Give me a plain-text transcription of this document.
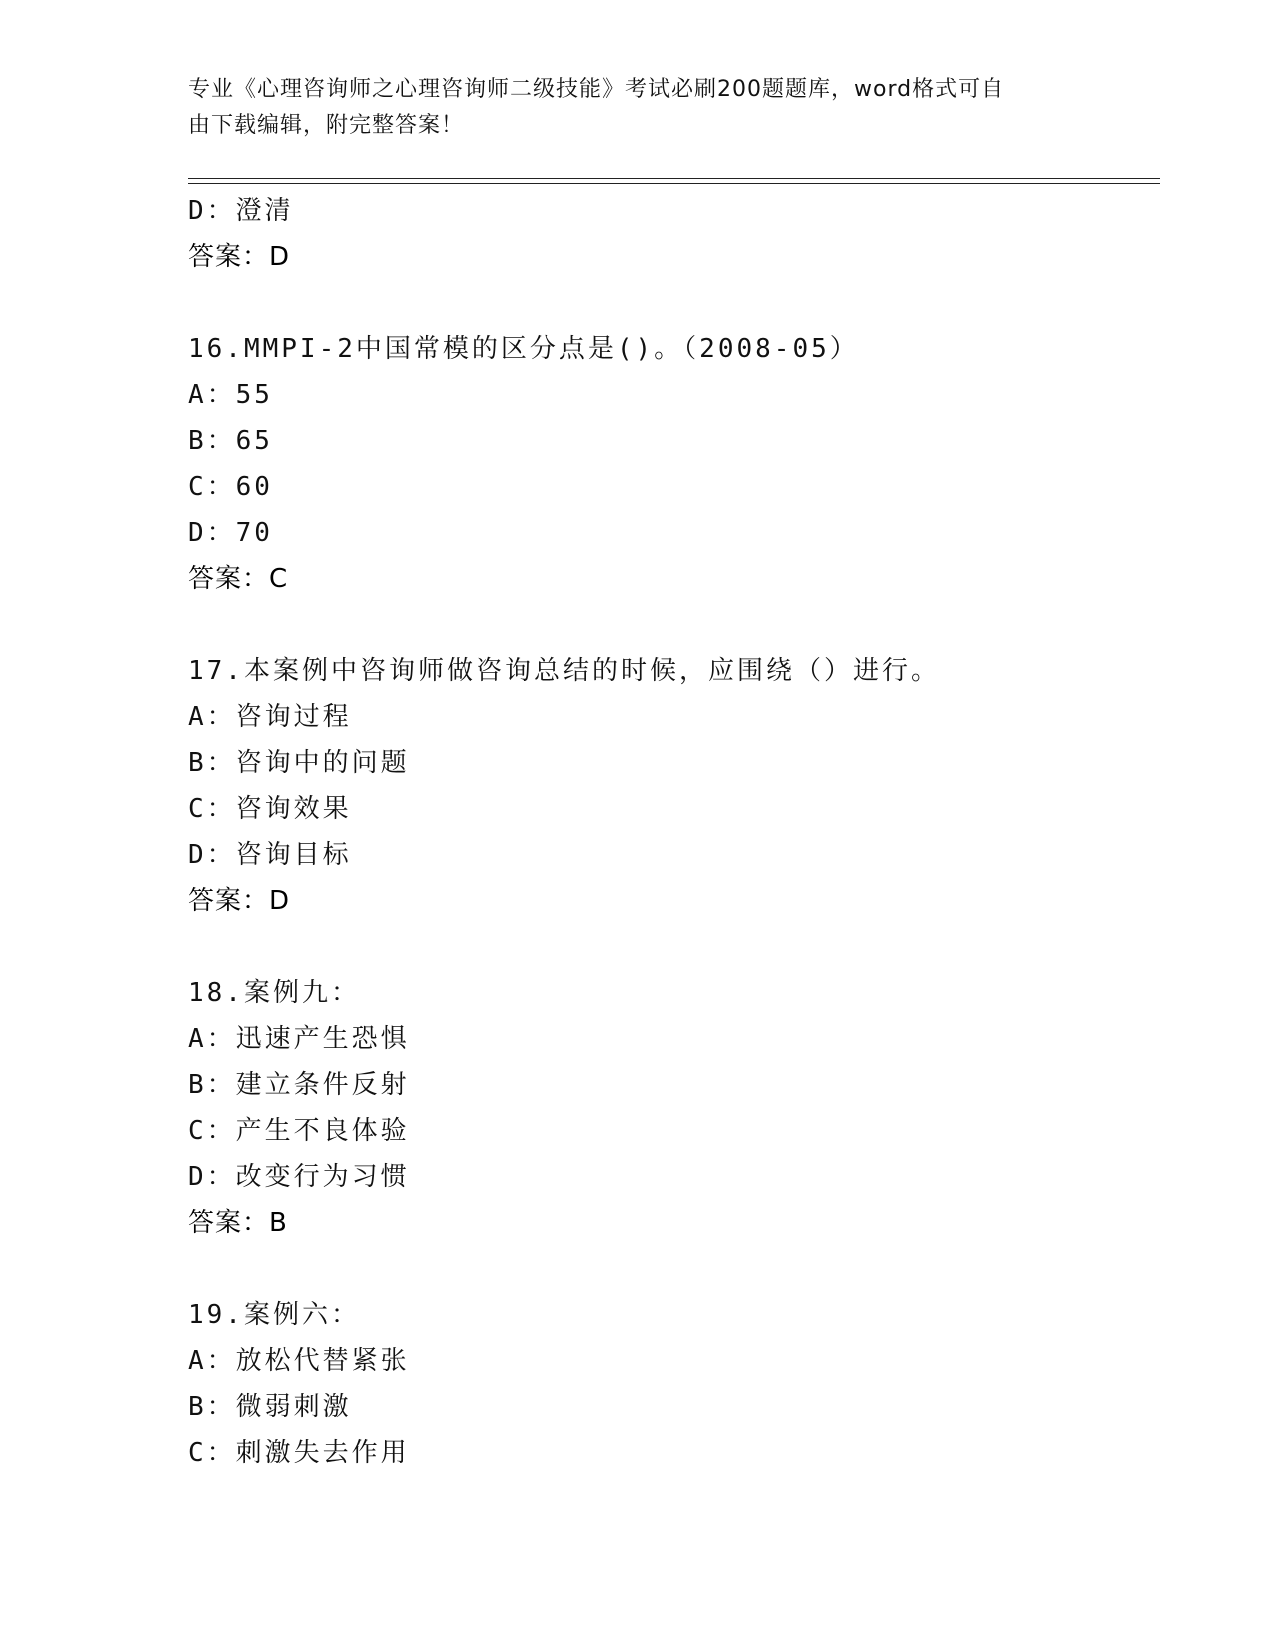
专业《心理咨询师之心理咨询师二级技能》考试必刷200题题库，word格式可自
由下载编辑，附完整答案！
D：澄清
答案：D
16.MMPI-2中国常模的区分点是()。（2008-05）
A：55
B：65
C：60
D：70
答案：C
17.本案例中咨询师做咨询总结的时候，应围绕（）进行。
A：咨询过程
B：咨询中的问题
C：咨询效果
D：咨询目标
答案：D
18.案例九：
A：迅速产生恐惧
B：建立条件反射
C：产生不良体验
D：改变行为习惯
答案：B
19.案例六：
A：放松代替紧张
B：微弱刺激
C：刺激失去作用
